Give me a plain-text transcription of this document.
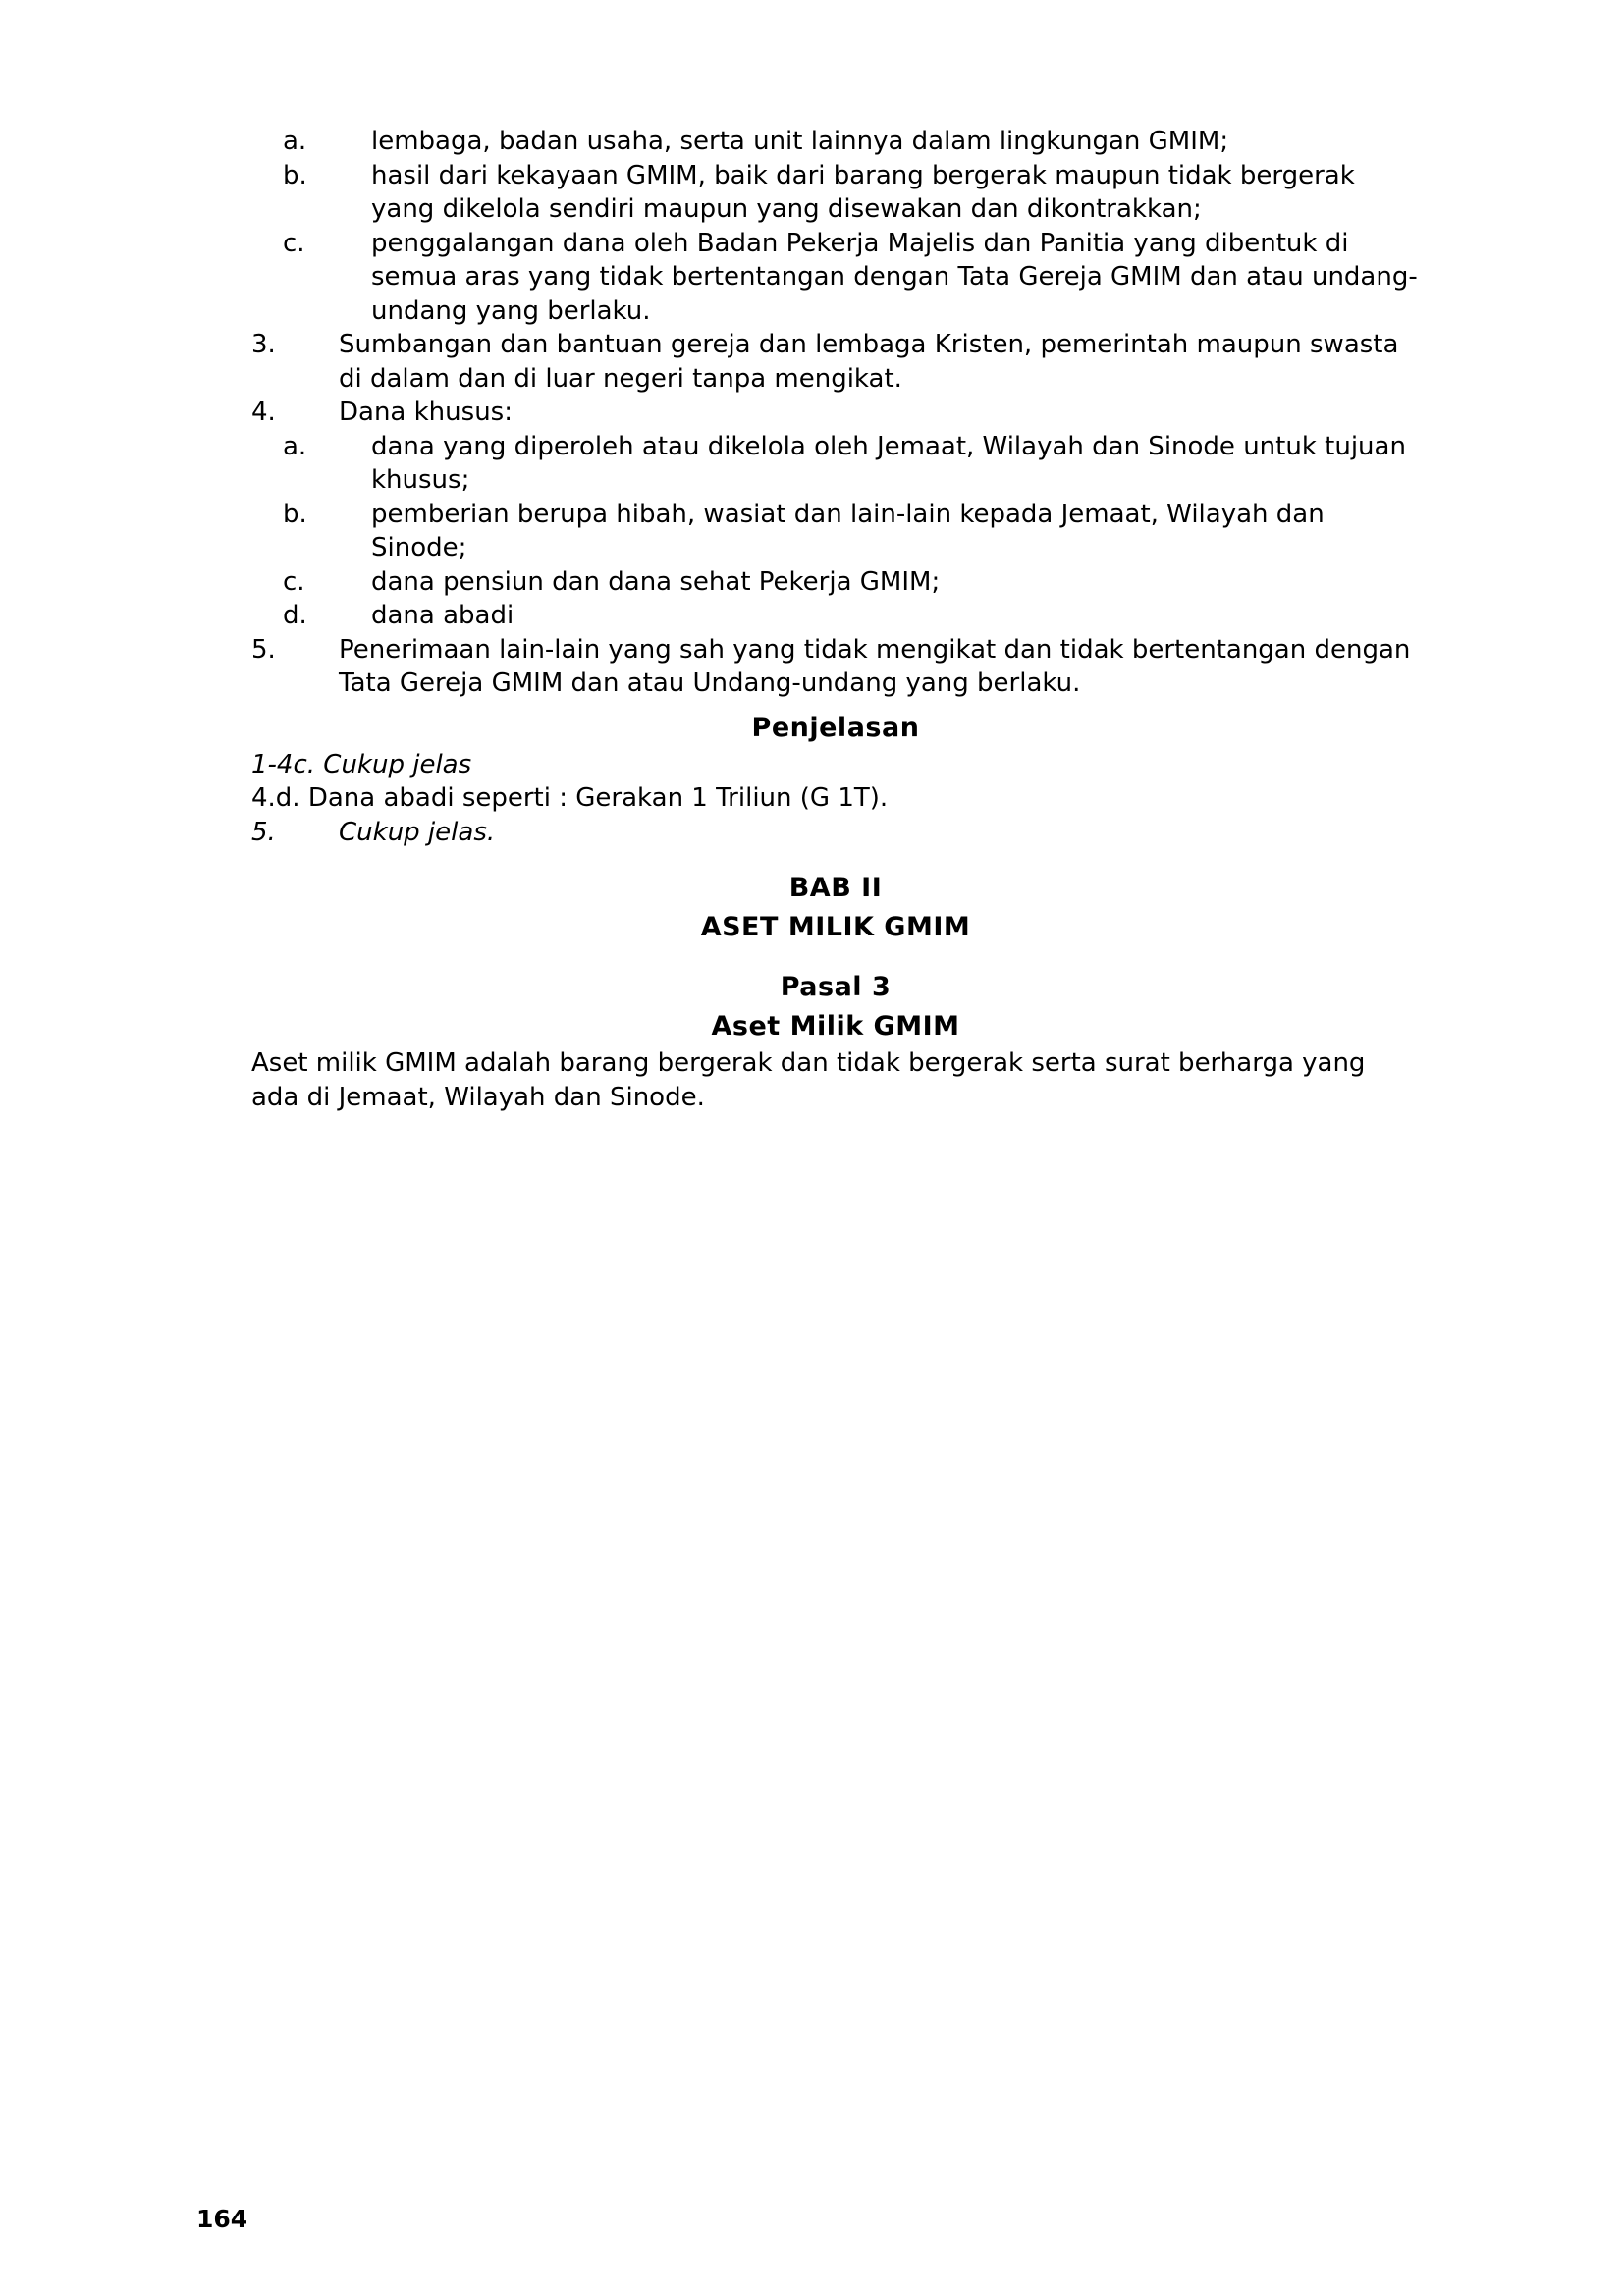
a.	lembaga, badan usaha, serta unit lainnya dalam lingkungan GMIM;
b.	hasil dari kekayaan GMIM, baik dari barang bergerak maupun tidak bergerak yang dikelola sendiri maupun yang disewakan dan dikontrakkan;
c.	penggalangan dana oleh Badan Pekerja Majelis dan Panitia yang dibentuk di semua aras yang tidak bertentangan dengan Tata Gereja GMIM dan atau undang-undang yang berlaku.
3. Sumbangan dan bantuan gereja dan lembaga Kristen, pemerintah maupun swasta di dalam dan di luar negeri tanpa mengikat.
4. Dana khusus:
a.	dana yang diperoleh atau dikelola oleh Jemaat, Wilayah dan Sinode untuk tujuan khusus;
b.	pemberian berupa hibah, wasiat dan lain-lain kepada Jemaat, Wilayah dan Sinode;
c.	dana pensiun dan dana sehat Pekerja GMIM;
d.	dana abadi
5. Penerimaan lain-lain yang sah yang tidak mengikat dan tidak bertentangan dengan Tata Gereja GMIM dan atau Undang-undang yang berlaku.
Penjelasan
1-4c. Cukup jelas
4.d. Dana abadi seperti : Gerakan 1 Triliun (G 1T).
5. Cukup jelas.
BAB II
ASET MILIK GMIM
Pasal 3
Aset Milik GMIM
Aset milik GMIM adalah barang bergerak dan tidak bergerak serta surat berharga yang ada di Jemaat, Wilayah dan Sinode.
164
